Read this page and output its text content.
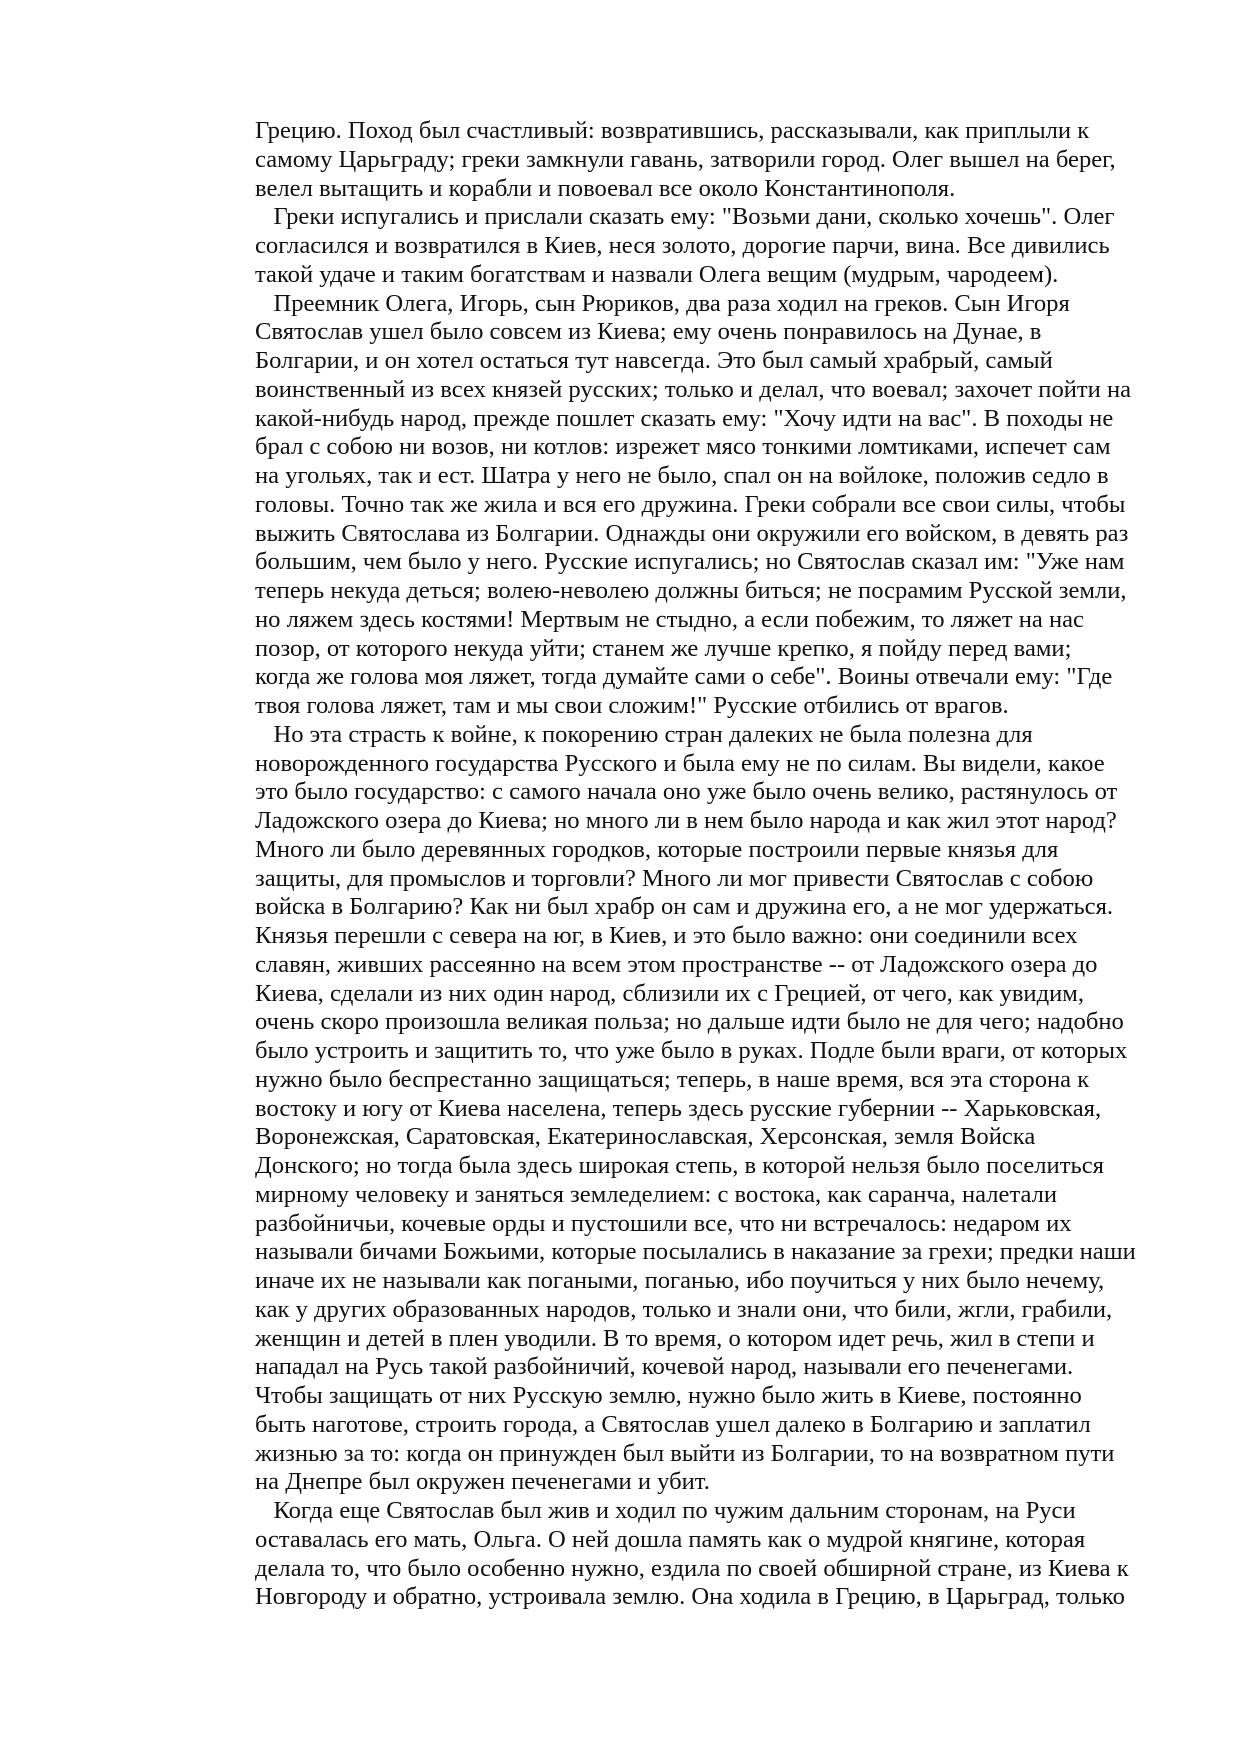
Грецию. Поход был счастливый: возвратившись, рассказывали, как приплыли к
самому Царьграду; греки замкнули гавань, затворили город. Олег вышел на берег,
велел вытащить и корабли и повоевал все около Константинополя.
Греки испугались и прислали сказать ему: "Возьми дани, сколько хочешь". Олег
согласился и возвратился в Киев, неся золото, дорогие парчи, вина. Все дивились
такой удаче и таким богатствам и назвали Олега вещим (мудрым, чародеем).
Преемник Олега, Игорь, сын Рюриков, два раза ходил на греков. Сын Игоря
Святослав ушел было совсем из Киева; ему очень понравилось на Дунае, в
Болгарии, и он хотел остаться тут навсегда. Это был самый храбрый, самый
воинственный из всех князей русских; только и делал, что воевал; захочет пойти на
какой-нибудь народ, прежде пошлет сказать ему: "Хочу идти на вас". В походы не
брал с собою ни возов, ни котлов: изрежет мясо тонкими ломтиками, испечет сам
на угольях, так и ест. Шатра у него не было, спал он на войлоке, положив седло в
головы. Точно так же жила и вся его дружина. Греки собрали все свои силы, чтобы
выжить Святослава из Болгарии. Однажды они окружили его войском, в девять раз
большим, чем было у него. Русские испугались; но Святослав сказал им: "Уже нам
теперь некуда деться; волею-неволею должны биться; не посрамим Русской земли,
но ляжем здесь костями! Мертвым не стыдно, а если побежим, то ляжет на нас
позор, от которого некуда уйти; станем же лучше крепко, я пойду перед вами;
когда же голова моя ляжет, тогда думайте сами о себе". Воины отвечали ему: "Где
твоя голова ляжет, там и мы свои сложим!" Русские отбились от врагов.
Но эта страсть к войне, к покорению стран далеких не была полезна для
новорожденного государства Русского и была ему не по силам. Вы видели, какое
это было государство: с самого начала оно уже было очень велико, растянулось от
Ладожского озера до Киева; но много ли в нем было народа и как жил этот народ?
Много ли было деревянных городков, которые построили первые князья для
защиты, для промыслов и торговли? Много ли мог привести Святослав с собою
войска в Болгарию? Как ни был храбр он сам и дружина его, а не мог удержаться.
Князья перешли с севера на юг, в Киев, и это было важно: они соединили всех
славян, живших рассеянно на всем этом пространстве -- от Ладожского озера до
Киева, сделали из них один народ, сблизили их с Грецией, от чего, как увидим,
очень скоро произошла великая польза; но дальше идти было не для чего; надобно
было устроить и защитить то, что уже было в руках. Подле были враги, от которых
нужно было беспрестанно защищаться; теперь, в наше время, вся эта сторона к
востоку и югу от Киева населена, теперь здесь русские губернии -- Харьковская,
Воронежская, Саратовская, Екатеринославская, Херсонская, земля Войска
Донского; но тогда была здесь широкая степь, в которой нельзя было поселиться
мирному человеку и заняться земледелием: с востока, как саранча, налетали
разбойничьи, кочевые орды и пустошили все, что ни встречалось: недаром их
называли бичами Божьими, которые посылались в наказание за грехи; предки наши
иначе их не называли как погаными, поганью, ибо поучиться у них было нечему,
как у других образованных народов, только и знали они, что били, жгли, грабили,
женщин и детей в плен уводили. В то время, о котором идет речь, жил в степи и
нападал на Русь такой разбойничий, кочевой народ, называли его печенегами.
Чтобы защищать от них Русскую землю, нужно было жить в Киеве, постоянно
быть наготове, строить города, а Святослав ушел далеко в Болгарию и заплатил
жизнью за то: когда он принужден был выйти из Болгарии, то на возвратном пути
на Днепре был окружен печенегами и убит.
Когда еще Святослав был жив и ходил по чужим дальним сторонам, на Руси
оставалась его мать, Ольга. О ней дошла память как о мудрой княгине, которая
делала то, что было особенно нужно, ездила по своей обширной стране, из Киева к
Новгороду и обратно, устроивала землю. Она ходила в Грецию, в Царьград, только
